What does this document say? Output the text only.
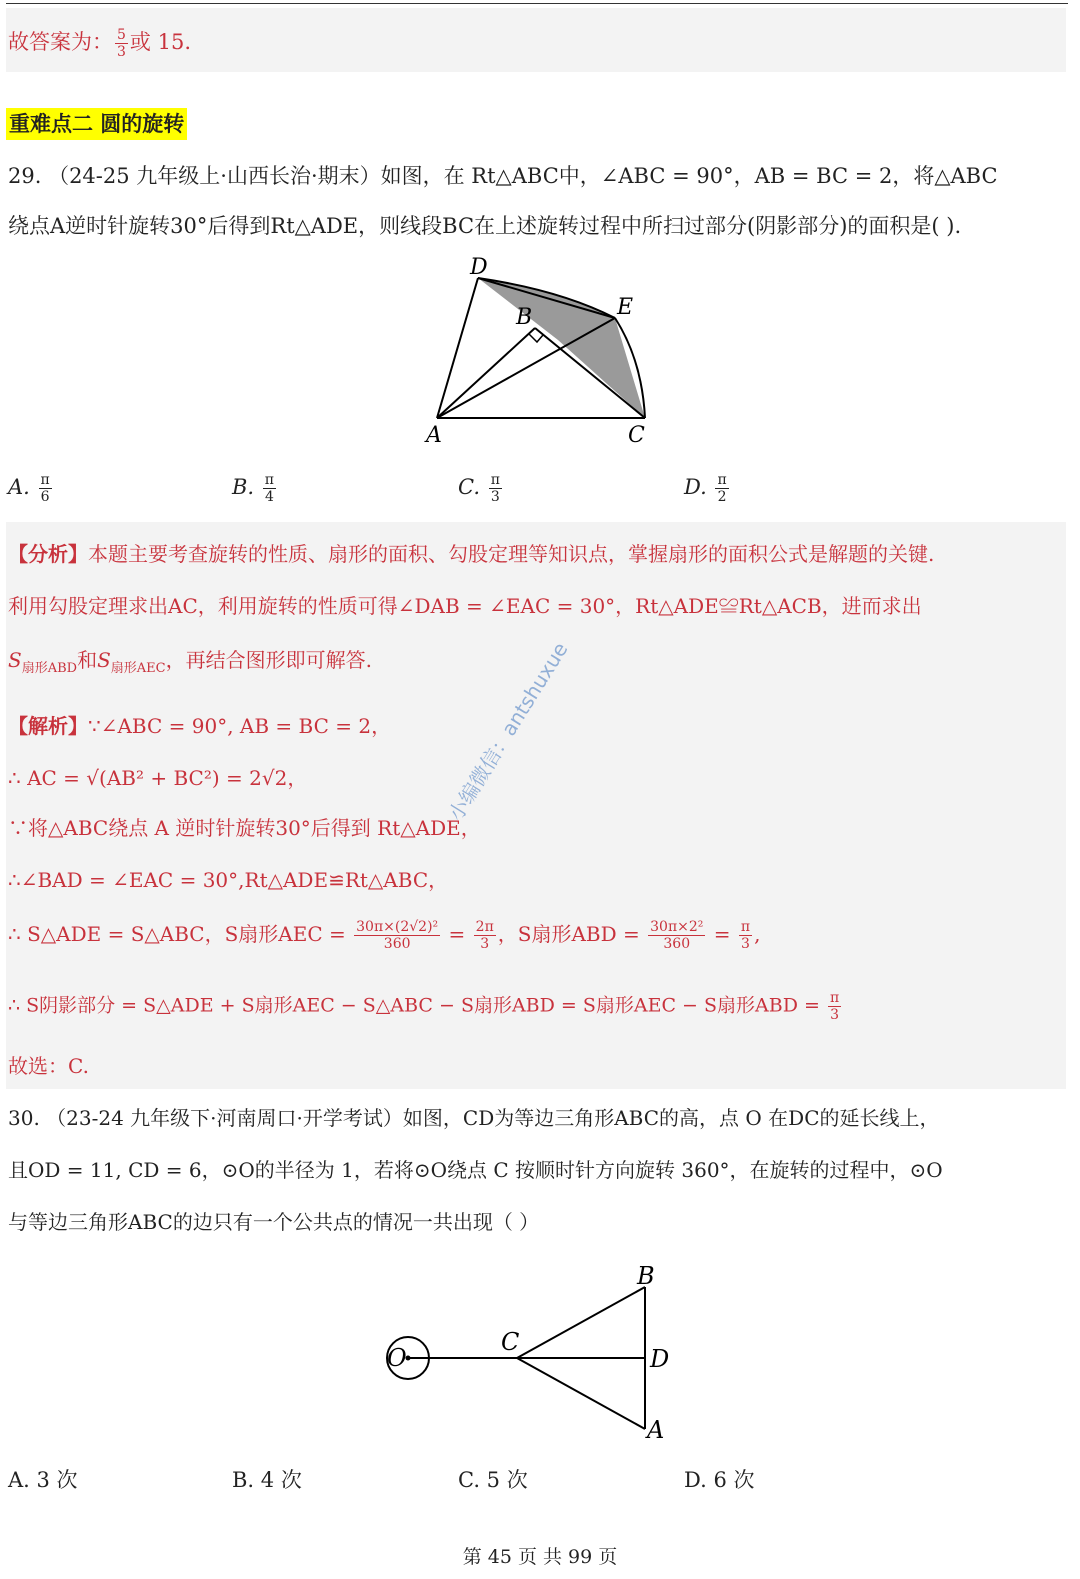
故答案为： $\frac{5}{3}$ 或 15.
重难点二 圆的旋转
29. （24-25 九年级上·山西长治·期末）如图，在 Rt△ABC中，∠ABC = 90°，AB = BC = 2，将△ABC
绕点A逆时针旋转30°后得到Rt△ADE，则线段BC在上述旋转过程中所扫过部分(阴影部分)的面积是( ).
D
B	E
A	C
A. $\frac{\pi}{6}$	B. $\frac{\pi}{4}$	C. $\frac{\pi}{3}$	D. $\frac{\pi}{2}$
【分析】本题主要考查旋转的性质、扇形的面积、勾股定理等知识点，掌握扇形的面积公式是解题的关键.
利用勾股定理求出AC，利用旋转的性质可得∠DAB = ∠EAC = 30°，Rt△ADE≌Rt△ACB，进而求出
$S_{扇形ABD}$和$S_{扇形AEC}$，再结合图形即可解答.
【解析】∵∠ABC = 90°, AB = BC = 2，
∴ AC = √(AB² + BC²) = 2√2，
∵将△ABC绕点 A 逆时针旋转30°后得到 Rt△ADE，
∴∠BAD = ∠EAC = 30°,Rt△ADE≌Rt△ABC，
∴ S△ADE = S△ABC，S扇形AEC = $\frac{\text{30π×(2√2)²}}{360} = \frac{2\pi}{3}$ ，S扇形ABD = $\frac{\text{30π×2²}}{360} = \frac{\pi}{3}$ ,
∴ S阴影部分 = S△ADE + S扇形AEC − S△ABC − S扇形ABD = S扇形AEC − S扇形ABD = $\frac{\pi}{3}$
故选：C.
小编微信：antshuxue
30. （23-24 九年级下·河南周口·开学考试）如图，CD为等边三角形ABC的高，点 O 在DC的延长线上，
且OD = 11, CD = 6，⊙O的半径为 1，若将⊙O绕点 C 按顺时针方向旋转 360°，在旋转的过程中，⊙O
与等边三角形ABC的边只有一个公共点的情况一共出现（ ）
O
C
B
D
A
A. 3 次	B. 4 次	C. 5 次	D. 6 次
第 45 页 共 99 页
